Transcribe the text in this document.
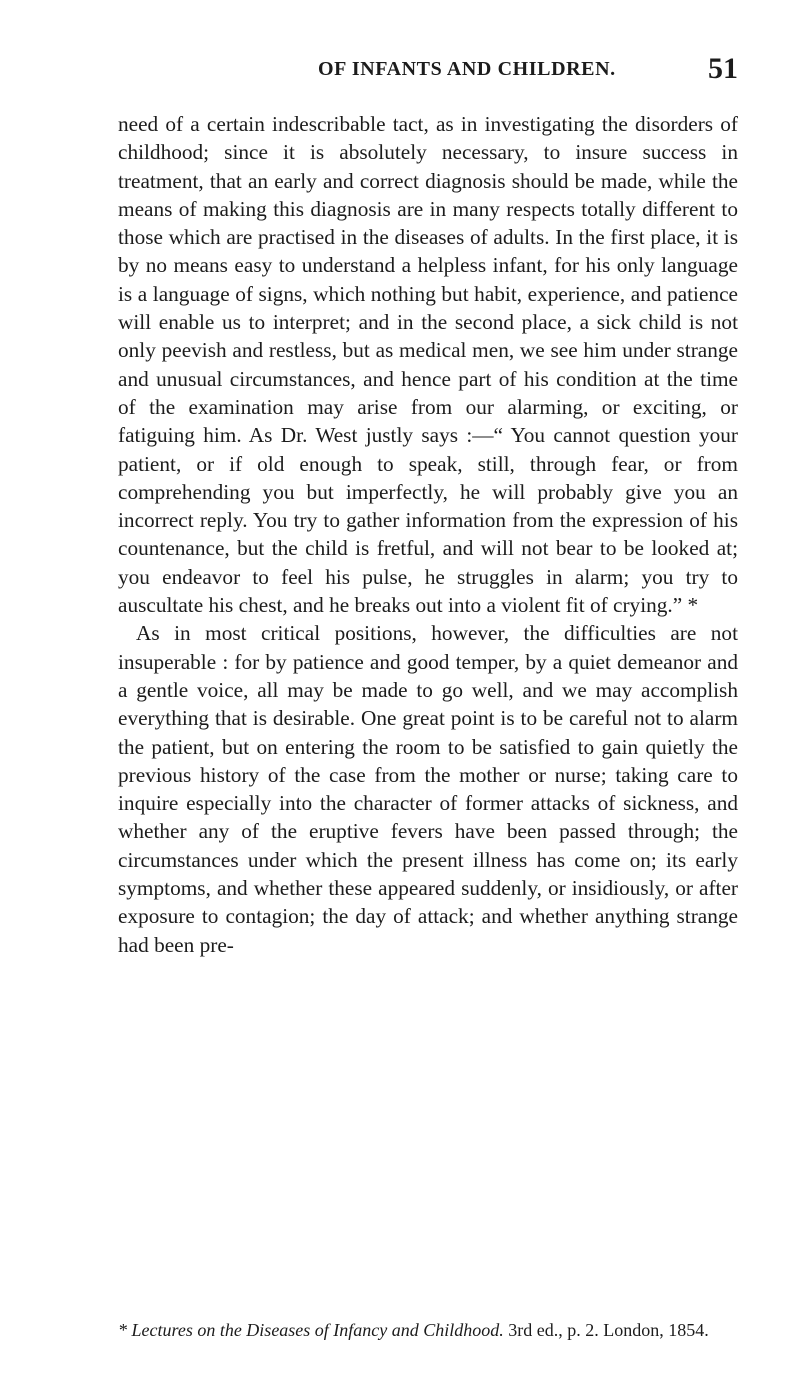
OF INFANTS AND CHILDREN.	51

need of a certain indescribable tact, as in investigating the disorders of childhood; since it is absolutely necessary, to insure success in treatment, that an early and correct diagnosis should be made, while the means of making this diagnosis are in many respects totally different to those which are practised in the diseases of adults. In the first place, it is by no means easy to understand a helpless infant, for his only language is a language of signs, which nothing but habit, experience, and patience will enable us to interpret; and in the second place, a sick child is not only peevish and restless, but as medical men, we see him under strange and unusual circumstances, and hence part of his condition at the time of the examination may arise from our alarming, or exciting, or fatiguing him. As Dr. West justly says :—“ You cannot question your patient, or if old enough to speak, still, through fear, or from comprehending you but imperfectly, he will probably give you an incorrect reply. You try to gather information from the expression of his countenance, but the child is fretful, and will not bear to be looked at; you endeavor to feel his pulse, he struggles in alarm; you try to auscultate his chest, and he breaks out into a violent fit of crying.” *

As in most critical positions, however, the difficulties are not insuperable : for by patience and good temper, by a quiet demeanor and a gentle voice, all may be made to go well, and we may accomplish everything that is desirable. One great point is to be careful not to alarm the patient, but on entering the room to be satisfied to gain quietly the previous history of the case from the mother or nurse; taking care to inquire especially into the character of former attacks of sickness, and whether any of the eruptive fevers have been passed through; the circumstances under which the present illness has come on; its early symptoms, and whether these appeared suddenly, or insidiously, or after exposure to contagion; the day of attack; and whether anything strange had been pre-

* Lectures on the Diseases of Infancy and Childhood. 3rd ed., p. 2. London, 1854.
